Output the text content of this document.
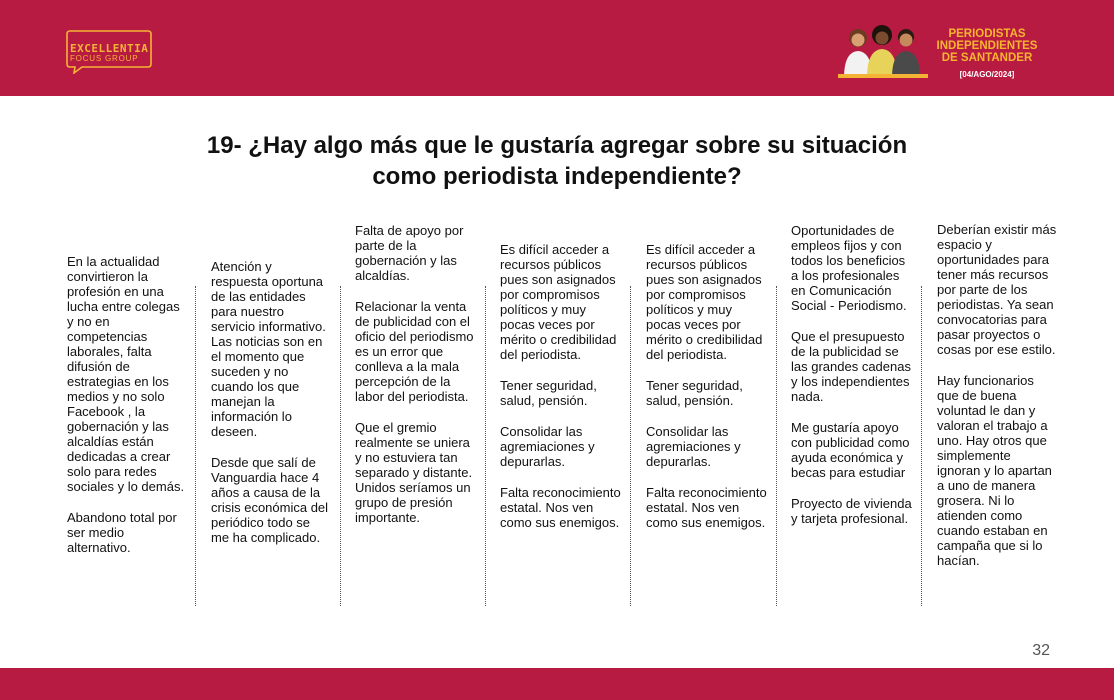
EXCELLENTIA
FOCUS GROUP
PERIODISTAS
INDEPENDIENTES
DE SANTANDER
[04/AGO/2024]
19- ¿Hay algo más que le gustaría agregar sobre su situación
como periodista independiente?

En la actualidad convirtieron la profesión en una lucha entre colegas y no en competencias laborales, falta difusión de estrategias en los medios y no solo Facebook , la gobernación y las alcaldías están dedicadas a crear solo para redes sociales y lo demás.

Abandono total por ser medio alternativo.

Atención y respuesta oportuna de las entidades para nuestro servicio informativo. Las noticias son en el momento que suceden y no cuando los que manejan la información lo deseen.

Desde que salí de Vanguardia hace 4 años a causa de la crisis económica del periódico todo se me ha complicado.

Falta de apoyo por parte de la gobernación y las alcaldías.

Relacionar la venta de publicidad con el oficio del periodismo es un error que conlleva a la mala percepción de la labor del periodista.

Que el gremio realmente se uniera y no estuviera tan separado y distante. Unidos seríamos un grupo de presión importante.

Es difícil acceder a recursos públicos pues son asignados por compromisos políticos y muy pocas veces por mérito o credibilidad del periodista.

Tener seguridad, salud, pensión.

Consolidar las agremiaciones y depurarlas.

Falta reconocimiento estatal. Nos ven como sus enemigos.

Es difícil acceder a recursos públicos pues son asignados por compromisos políticos y muy pocas veces por mérito o credibilidad del periodista.

Tener seguridad, salud, pensión.

Consolidar las agremiaciones y depurarlas.

Falta reconocimiento estatal. Nos ven como sus enemigos.

Oportunidades de empleos fijos y con todos los beneficios a los profesionales en Comunicación Social - Periodismo.

Que el presupuesto de la publicidad se las grandes cadenas y los independientes nada.

Me gustaría apoyo con publicidad como ayuda económica y becas para estudiar

Proyecto de vivienda y tarjeta profesional.

Deberían existir más espacio y oportunidades para tener más recursos por parte de los periodistas. Ya sean convocatorias para pasar proyectos o cosas por ese estilo.

Hay funcionarios que de buena voluntad le dan y valoran el trabajo a uno. Hay otros que simplemente ignoran y lo apartan a uno de manera grosera. Ni lo atienden como cuando estaban en campaña que si lo hacían.

32
